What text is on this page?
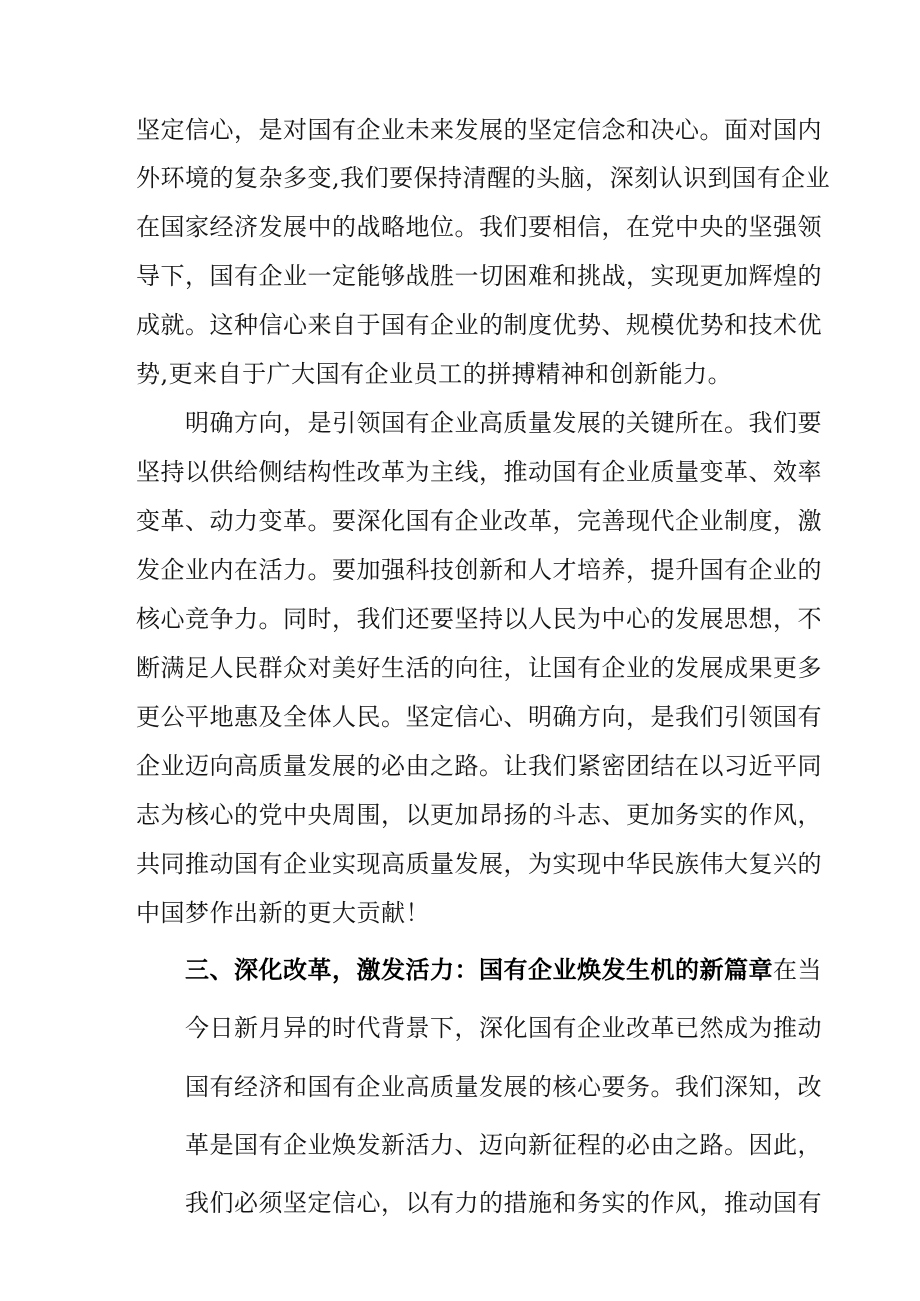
坚定信心，是对国有企业未来发展的坚定信念和决心。面对国内
外环境的复杂多变,我们要保持清醒的头脑，深刻认识到国有企业
在国家经济发展中的战略地位。我们要相信，在党中央的坚强领
导下，国有企业一定能够战胜一切困难和挑战，实现更加辉煌的
成就。这种信心来自于国有企业的制度优势、规模优势和技术优
势,更来自于广大国有企业员工的拼搏精神和创新能力。
明确方向，是引领国有企业高质量发展的关键所在。我们要
坚持以供给侧结构性改革为主线，推动国有企业质量变革、效率
变革、动力变革。要深化国有企业改革，完善现代企业制度，激
发企业内在活力。要加强科技创新和人才培养，提升国有企业的
核心竞争力。同时，我们还要坚持以人民为中心的发展思想，不
断满足人民群众对美好生活的向往，让国有企业的发展成果更多
更公平地惠及全体人民。坚定信心、明确方向，是我们引领国有
企业迈向高质量发展的必由之路。让我们紧密团结在以习近平同
志为核心的党中央周围，以更加昂扬的斗志、更加务实的作风，
共同推动国有企业实现高质量发展，为实现中华民族伟大复兴的
中国梦作出新的更大贡献！
三、深化改革，激发活力：国有企业焕发生机的新篇章在当
今日新月异的时代背景下，深化国有企业改革已然成为推动
国有经济和国有企业高质量发展的核心要务。我们深知，改
革是国有企业焕发新活力、迈向新征程的必由之路。因此，
我们必须坚定信心，以有力的措施和务实的作风，推动国有
